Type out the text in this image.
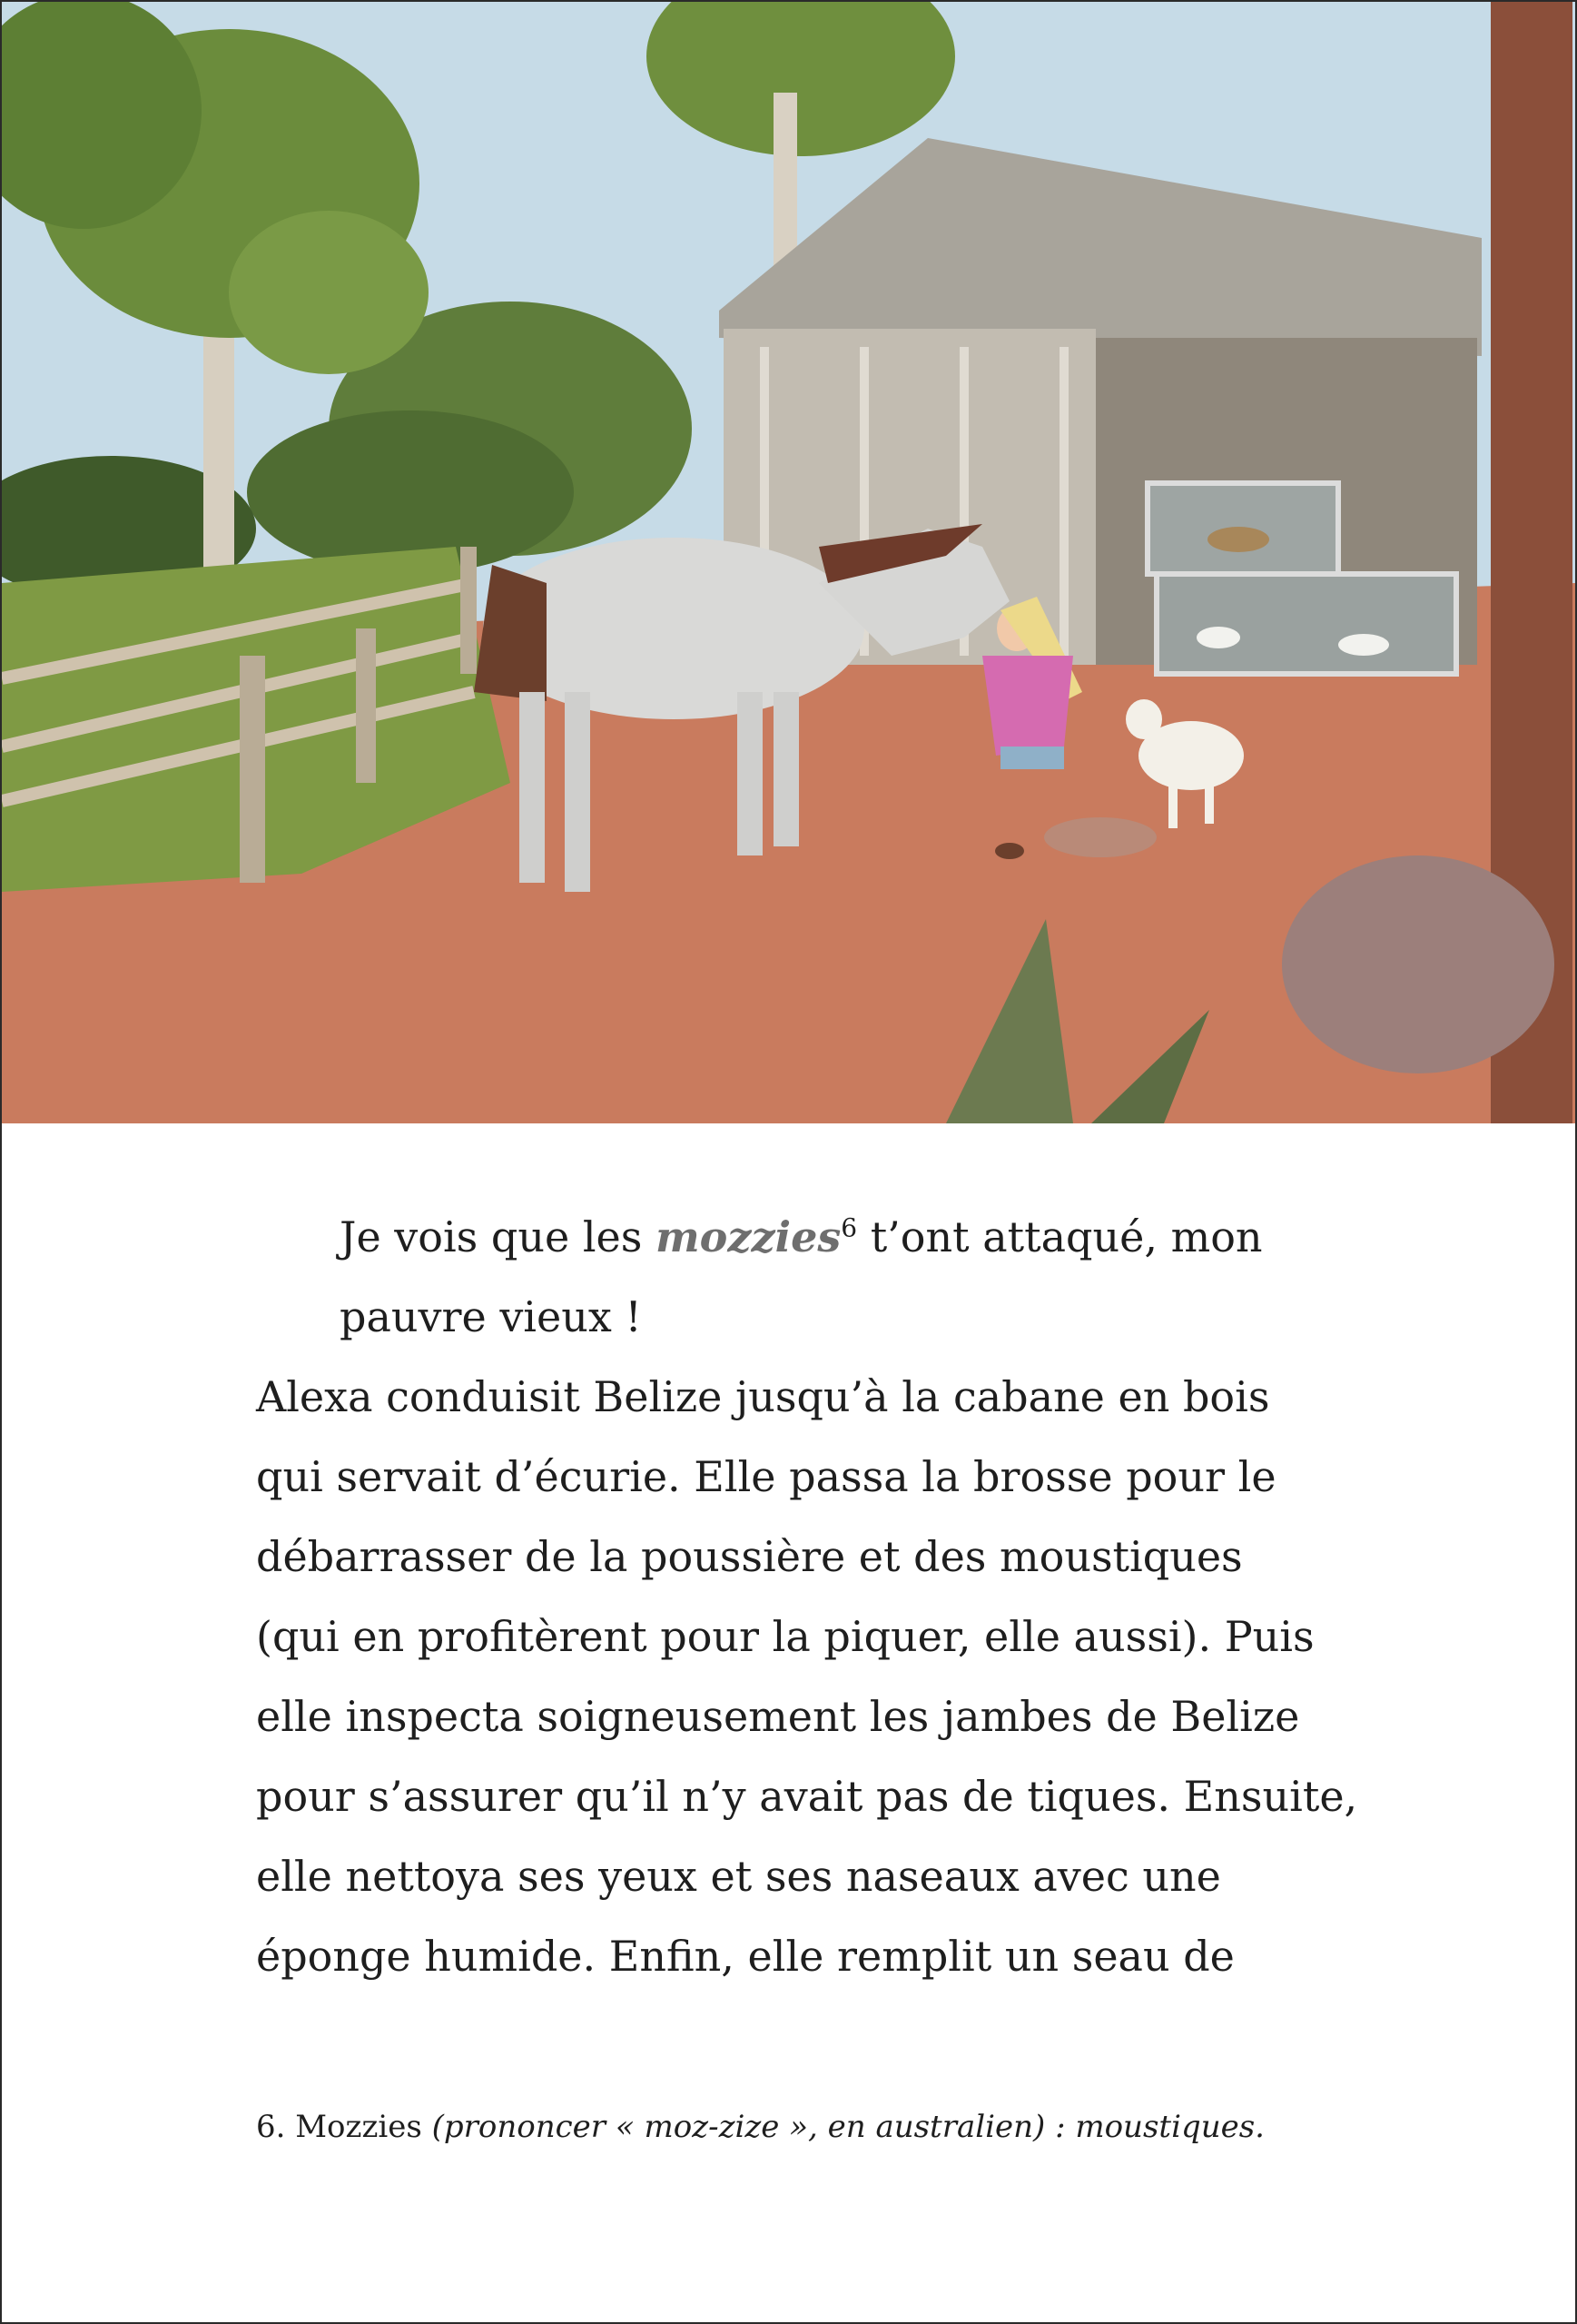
Je vois que les mozzies$^6$ t’ont attaqué, mon

pauvre vieux !

Alexa conduisit Belize jusqu’à la cabane en bois

qui servait d’écurie. Elle passa la brosse pour le

débarrasser de la poussière et des moustiques

(qui en profitèrent pour la piquer, elle aussi). Puis

elle inspecta soigneusement les jambes de Belize

pour s’assurer qu’il n’y avait pas de tiques. Ensuite,

elle nettoya ses yeux et ses naseaux avec une

éponge humide. Enfin, elle remplit un seau de

6. Mozzies (prononcer « moz-zize », en australien) : moustiques.
